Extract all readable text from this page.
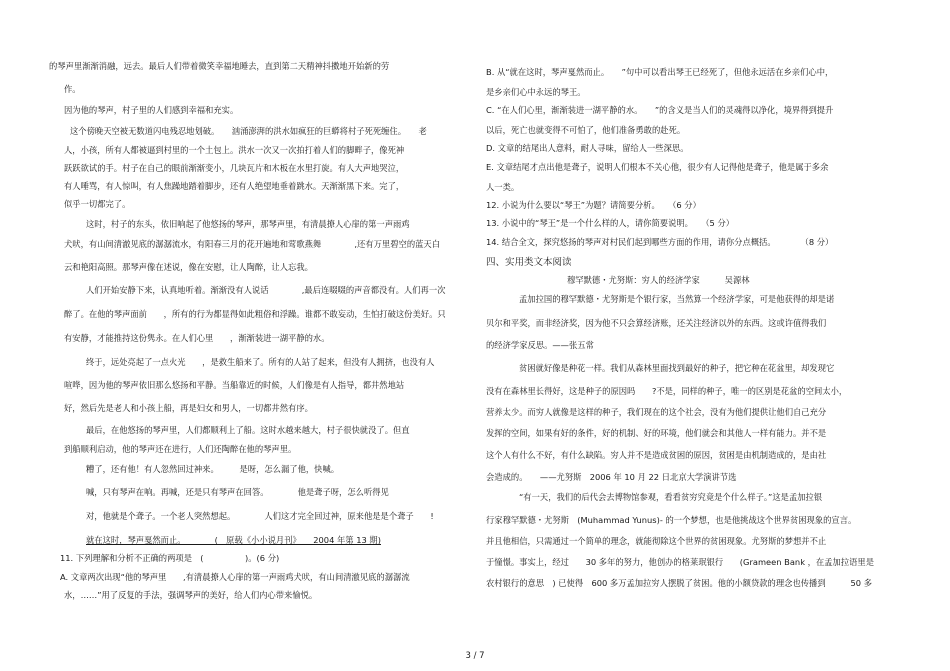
的琴声里渐渐消融，远去。最后人们带着微笑幸福地睡去，直到第二天精神抖擞地开始新的劳
作。
因为他的琴声，村子里的人们感到幸福和充实。
这个傍晚天空被无数道闪电残忍地划破。　　汹涌澎湃的洪水如疯狂的巨蟒将村子死死缠住。　　老
人，小孩，所有人都被逼到村里的一个土包上。洪水一次又一次拍打着人们的脚畔子，像死神
跃跃欲试的手。村子在自己的眼前渐渐变小，几块瓦片和木板在水里打旋。有人大声地哭泣，
有人唾骂，有人惊叫，有人焦躁地踏着脚步，还有人绝望地垂着跳水。天渐渐黑下来。完了，
似乎一切都完了。
这时，村子的东头，依旧响起了他悠扬的琴声，那琴声里，有清晨撩人心扉的第一声雨鸡
犬吠，有山间清澈见底的潺潺流水，有阳春三月的花开遍地和莺歌燕舞　　　　,还有万里碧空的蓝天白
云和艳阳高照。那琴声像在述说，像在安慰，让人陶醉，让人忘我。
人们开始安静下来，认真地听着。渐渐没有人说话　　　　,最后连啜啜的声音都没有。人们再一次
醉了。在他的琴声面前　　，所有的行为都显得如此粗俗和浮躁。谁都不敢妄动，生怕打破这份美好。只
有安静，才能推持这份隽永。在人们心里　　，渐渐装进一湖平静的水。
终于，远处亮起了一点火光　　，是救生船来了。所有的人站了起来，但没有人拥挤，也没有人
喧哗，因为他的琴声依旧那么悠扬和平静。当船靠近的时候，人们像是有人指导，都井然地站
好，然后先是老人和小孩上船，再是妇女和男人，一切都井然有序。
最后，在他悠扬的琴声里，人们都顺利上了船。这时水越来越大，村子很快就没了。但直
到船顺利启动，他的琴声还在进行，人们还陶醉在他的琴声里。
糟了，还有他！有人忽然回过神来。　　　是呀，怎么漏了他，快喊。
喊，只有琴声在响。再喊，还是只有琴声在回答。　　　　他是聋子呀，怎么听得见
对，他就是个聋子。一个老人突然想起。　　　　人们这才完全回过神，原来他是是个聋子　　!
就在这时，琴声戛然而止。　　　　(　原载《小小说月刊》　　2004 年第 13 期)
11. 下列理解和分析不正确的两项是　(　　　　　)。(6 分)
A. 文章两次出现“他的琴声里　　,有清晨撩人心扉的第一声雨鸡犬吠，有山间清澈见底的潺潺流
水，……”用了反复的手法，强调琴声的美好，给人们内心带来愉悦。
B. 从“就在这时，琴声戛然而止。　　”句中可以看出琴王已经死了，但他永远活在乡亲们心中，
是乡亲们心中永远的琴王。
C. “在人们心里，渐渐装进一湖平静的水。　　”的含义是当人们的灵魂得以净化，境界得到提升
以后，死亡也就变得不可怕了，他们准备勇敢的赴死。
D. 文章的结尾出人意料，耐人寻味，留给人一些深思。
E. 文章结尾才点出他是聋子，说明人们根本不关心他，很少有人记得他是聋子，他是属于多余
人一类。
12. 小说为什么要以“琴王”为题？请简要分析。　　（6 分）
13. 小说中的“琴王”是一个什么样的人，请你简要说明。　　（5 分）
14. 结合全文，探究悠扬的琴声对村民们起到哪些方面的作用，请你分点概括。　　　　（8 分）
四、实用类文本阅读
穆罕默德・尤努斯：穷人的经济学家　　　吴源林
孟加拉国的穆罕默德・尤努斯是个银行家，当然算一个经济学家，可是他获得的却是诺
贝尔和平奖，而非经济奖，因为他不只会算经济账，还关注经济以外的东西。这或许值得我们
的经济学家反思。——张五常
贫困就好像是种花一样。我们从森林里面找到最好的种子，把它种在花盆里，却发现它
没有在森林里长得好，这是种子的原因吗　　?不是，同样的种子，唯一的区别是花盆的空间太小，
营养太少。而穷人就像是这样的种子，我们现在的这个社会，没有为他们提供让他们自己充分
发挥的空间，如果有好的条件，好的机制、好的环境，他们就会和其他人一样有能力。并不是
这个人有什么不好，有什么缺陷。穷人并不是造成贫困的原因，贫困是由机制造成的，是由社
会造成的。　　——尤努斯　2006 年 10 月 22 日北京大学演讲节选
“有一天，我们的后代会去博物馆参观，看看贫穷究竟是个什么样子。”这是孟加拉银
行家穆罕默德・尤努斯　(Muhammad Yunus)- 的一个梦想，也是他挑战这个世界贫困现象的宣言。
并且他相信，只需通过一个简单的理念，就能彻除这个世界的贫困现象。尤努斯的梦想并不止
于憧憬。事实上，经过　　30 多年的努力，他创办的格莱珉银行　　(Grameen Bank ，在孟加拉语里是
农村银行的意思　) 已使得　600 多万孟加拉穷人摆脱了贫困。他的小额贷款的理念也传播到　　　50 多
3 / 7
